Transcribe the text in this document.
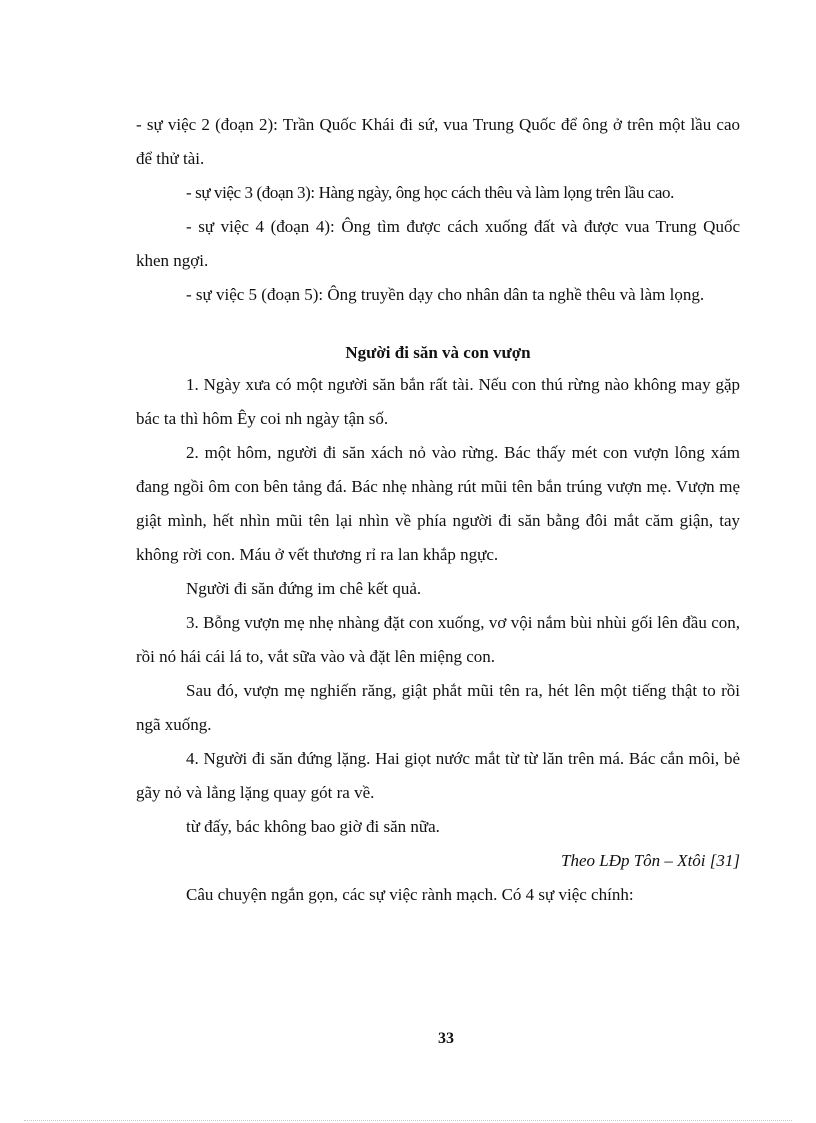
- sự việc 2 (đoạn 2): Trần Quốc Khái đi sứ, vua Trung Quốc để ông ở trên một lầu cao để thử tài.

- sự việc 3 (đoạn 3): Hàng ngày, ông học cách thêu và làm lọng trên lầu cao.

- sự việc 4 (đoạn 4): Ông tìm được cách xuống đất và được vua Trung Quốc khen ngợi.

- sự việc 5 (đoạn 5): Ông truyền dạy cho nhân dân ta nghề thêu và làm lọng.

Người đi săn và con vượn

1. Ngày xưa có một người săn bắn rất tài. Nếu con thú rừng nào không may gặp bác ta thì hôm Êy coi nh ngày tận số.

2. một hôm, người đi săn xách nỏ vào rừng. Bác thấy mét con vượn lông xám đang ngồi ôm con bên tảng đá. Bác nhẹ nhàng rút mũi tên bắn trúng vượn mẹ. Vượn mẹ giật mình, hết nhìn mũi tên lại nhìn về phía người đi săn bằng đôi mắt căm giận, tay không rời con. Máu ở vết thương rỉ ra lan khắp ngực.

Người đi săn đứng im chê kết quả.

3. Bỗng vượn mẹ nhẹ nhàng đặt con xuống, vơ vội nắm bùi nhùi gối lên đầu con, rồi nó hái cái lá to, vắt sữa vào và đặt lên miệng con.

Sau đó, vượn mẹ nghiến răng, giật phắt mũi tên ra, hét lên một tiếng thật to rồi ngã xuống.

4. Người đi săn đứng lặng. Hai giọt nước mắt từ từ lăn trên má. Bác cắn môi, bẻ gãy nỏ và lẳng lặng quay gót ra về.

từ đấy, bác không bao giờ đi săn nữa.

Theo LÐp Tôn – Xtôi [31]

Câu chuyện ngắn gọn, các sự việc rành mạch. Có 4 sự việc chính:

33
